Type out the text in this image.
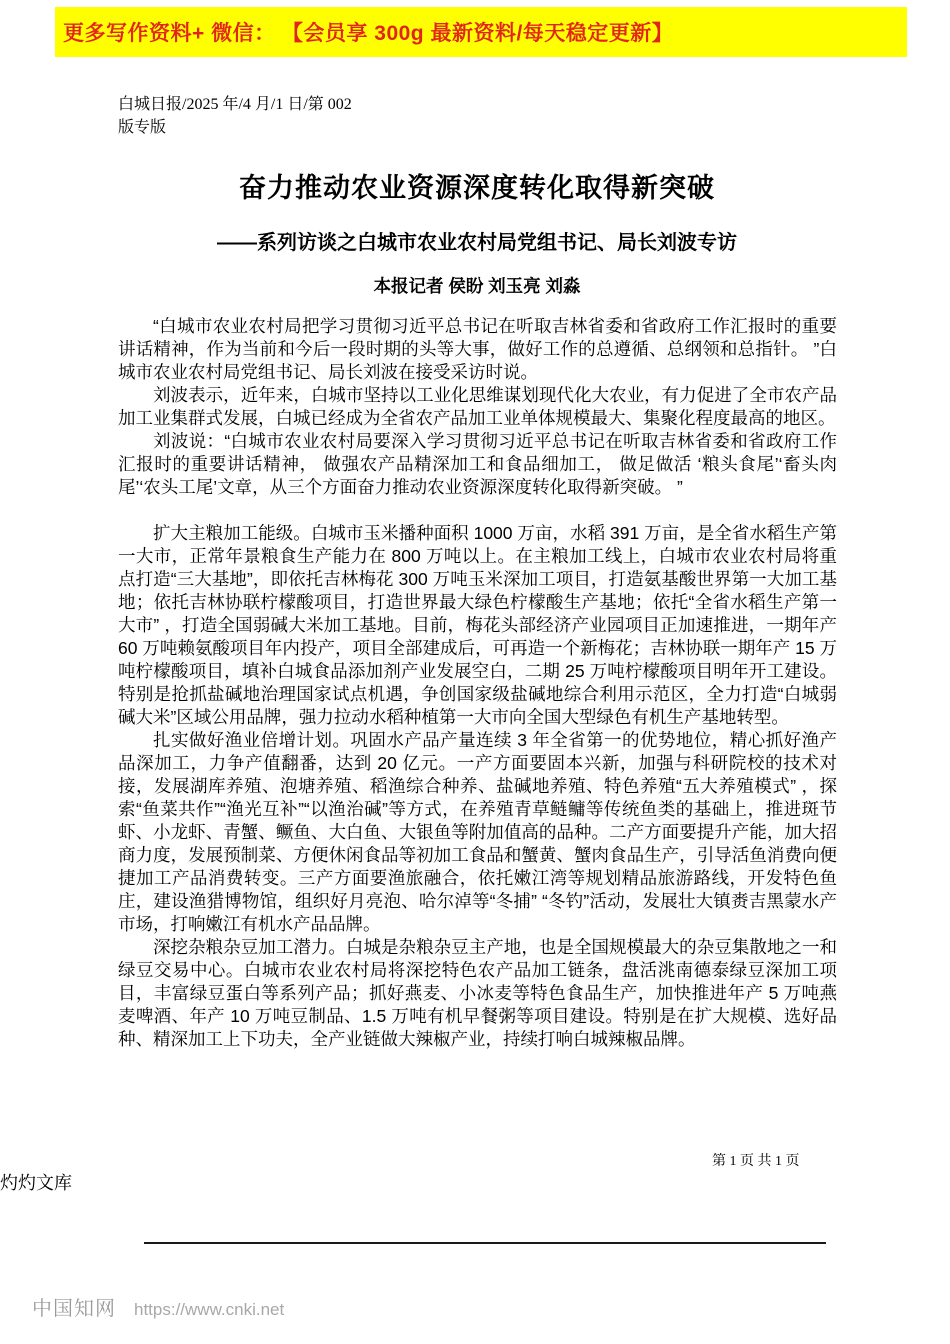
更多写作资料+ 微信： 【会员享 300g 最新资料/每天稳定更新】
白城日报/2025 年/4 月/1 日/第 002
版专版
奋力推动农业资源深度转化取得新突破
——系列访谈之白城市农业农村局党组书记、局长刘波专访
本报记者 侯盼 刘玉亮 刘淼

“白城市农业农村局把学习贯彻习近平总书记在听取吉林省委和省政府工作汇报时的重要讲话精神，作为当前和今后一段时期的头等大事，做好工作的总遵循、总纲领和总指针。 ”白城市农业农村局党组书记、局长刘波在接受采访时说。

刘波表示，近年来，白城市坚持以工业化思维谋划现代化大农业，有力促进了全市农产品加工业集群式发展，白城已经成为全省农产品加工业单体规模最大、集聚化程度最高的地区。

刘波说：“白城市农业农村局要深入学习贯彻习近平总书记在听取吉林省委和省政府工作汇报时的重要讲话精神， 做强农产品精深加工和食品细加工， 做足做活 ‘粮头食尾’‘畜头肉尾’‘农头工尾’文章，从三个方面奋力推动农业资源深度转化取得新突破。 ”

扩大主粮加工能级。白城市玉米播种面积 1000 万亩，水稻 391 万亩，是全省水稻生产第一大市，正常年景粮食生产能力在 800 万吨以上。在主粮加工线上，白城市农业农村局将重点打造“三大基地”，即依托吉林梅花 300 万吨玉米深加工项目，打造氨基酸世界第一大加工基地；依托吉林协联柠檬酸项目，打造世界最大绿色柠檬酸生产基地；依托“全省水稻生产第一大市” ，打造全国弱碱大米加工基地。目前，梅花头部经济产业园项目正加速推进，一期年产 60 万吨赖氨酸项目年内投产，项目全部建成后，可再造一个新梅花；吉林协联一期年产 15 万吨柠檬酸项目，填补白城食品添加剂产业发展空白，二期 25 万吨柠檬酸项目明年开工建设。特别是抢抓盐碱地治理国家试点机遇，争创国家级盐碱地综合利用示范区，全力打造“白城弱碱大米”区域公用品牌，强力拉动水稻种植第一大市向全国大型绿色有机生产基地转型。

扎实做好渔业倍增计划。巩固水产品产量连续 3 年全省第一的优势地位，精心抓好渔产品深加工，力争产值翻番，达到 20 亿元。一产方面要固本兴新，加强与科研院校的技术对接，发展湖库养殖、泡塘养殖、稻渔综合种养、盐碱地养殖、特色养殖“五大养殖模式” ，探索“鱼菜共作”“渔光互补”“以渔治碱”等方式，在养殖青草鲢鳙等传统鱼类的基础上，推进斑节虾、小龙虾、青蟹、鳜鱼、大白鱼、大银鱼等附加值高的品种。二产方面要提升产能，加大招商力度，发展预制菜、方便休闲食品等初加工食品和蟹黄、蟹肉食品生产，引导活鱼消费向便捷加工产品消费转变。三产方面要渔旅融合，依托嫩江湾等规划精品旅游路线，开发特色鱼庄，建设渔猎博物馆，组织好月亮泡、哈尔淖等“冬捕” “冬钓”活动，发展壮大镇赉吉黑蒙水产市场，打响嫩江有机水产品品牌。

深挖杂粮杂豆加工潜力。白城是杂粮杂豆主产地，也是全国规模最大的杂豆集散地之一和绿豆交易中心。白城市农业农村局将深挖特色农产品加工链条，盘活洮南德泰绿豆深加工项目，丰富绿豆蛋白等系列产品；抓好燕麦、小冰麦等特色食品生产，加快推进年产 5 万吨燕麦啤酒、年产 10 万吨豆制品、1.5 万吨有机早餐粥等项目建设。特别是在扩大规模、选好品种、精深加工上下功夫，全产业链做大辣椒产业，持续打响白城辣椒品牌。

第 1 页 共 1 页
灼灼文库
中国知网 https://www.cnki.net
